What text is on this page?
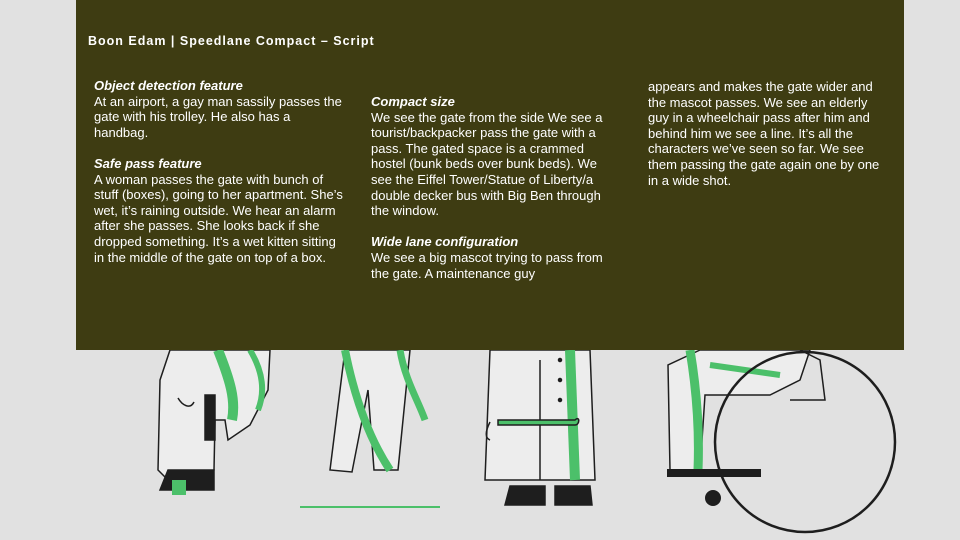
Boon Edam | Speedlane Compact – Script

Object detection feature

At an airport, a gay man sassily passes the gate with his trolley. He also has a handbag.

Safe pass feature

A woman passes the gate with bunch of stuff (boxes), going to her apartment. She’s wet, it’s raining outside. We hear an alarm after she passes. She looks back if she dropped something. It’s a wet kitten sitting in the middle of the gate on top of a box.

Compact size

We see the gate from the side We see a tourist/backpacker pass the gate with a pass. The gated space is a crammed hostel (bunk beds over bunk beds). We see the Eiffel Tower/Statue of Liberty/a double decker bus with Big Ben through the window.

Wide lane configuration

We see a big mascot trying to pass from the gate. A maintenance guy

appears and makes the gate wider and the mascot passes. We see an elderly guy in a wheelchair pass after him and behind him we see a line. It’s all the characters we’ve seen so far. We see them passing the gate again one by one in a wide shot.
